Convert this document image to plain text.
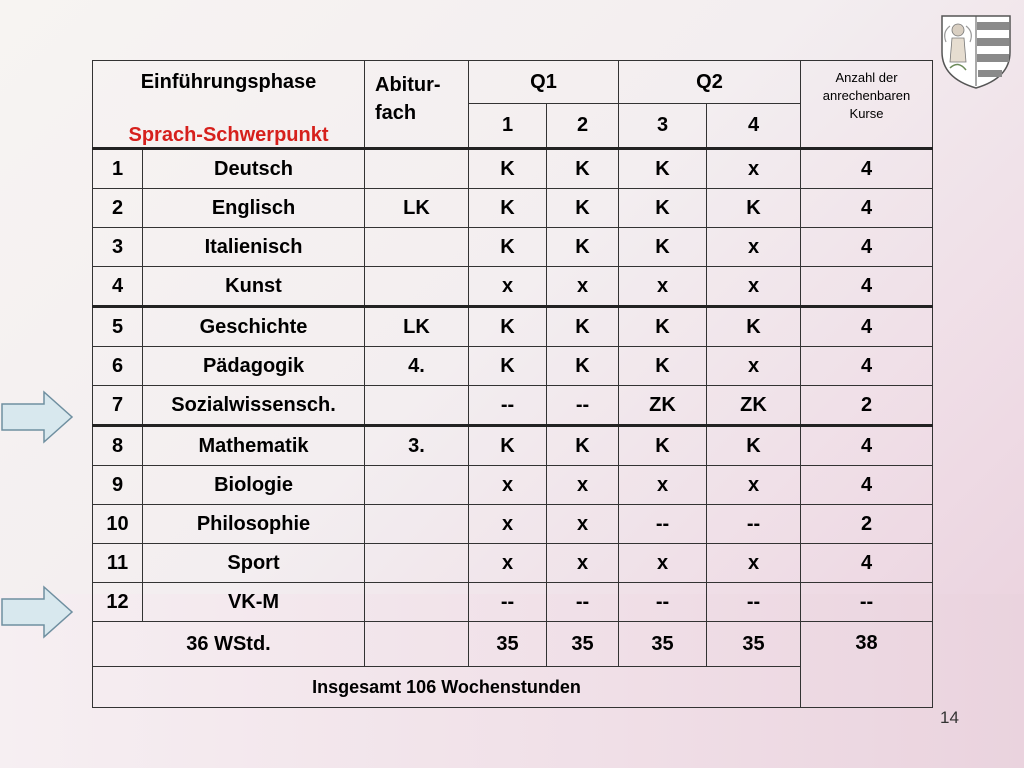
Einführungsphase
Sprach-Schwerpunkt		Abitur-
fach	Q1		Q2		Anzahl der
anrechenbaren
Kurse
			1	2	3	4	
1	Deutsch		K	K	K	x	4
2	Englisch	LK	K	K	K	K	4
3	Italienisch		K	K	K	x	4
4	Kunst		x	x	x	x	4
5	Geschichte	LK	K	K	K	K	4
6	Pädagogik	4.	K	K	K	x	4
7	Sozialwissensch.		--	--	ZK	ZK	2
8	Mathematik	3.	K	K	K	K	4
9	Biologie		x	x	x	x	4
10	Philosophie		x	x	--	--	2
11	Sport		x	x	x	x	4
12	VK-M		--	--	--	--	--
36 WStd.			35	35	35	35	38
Insgesamt 106 Wochenstunden							
14
